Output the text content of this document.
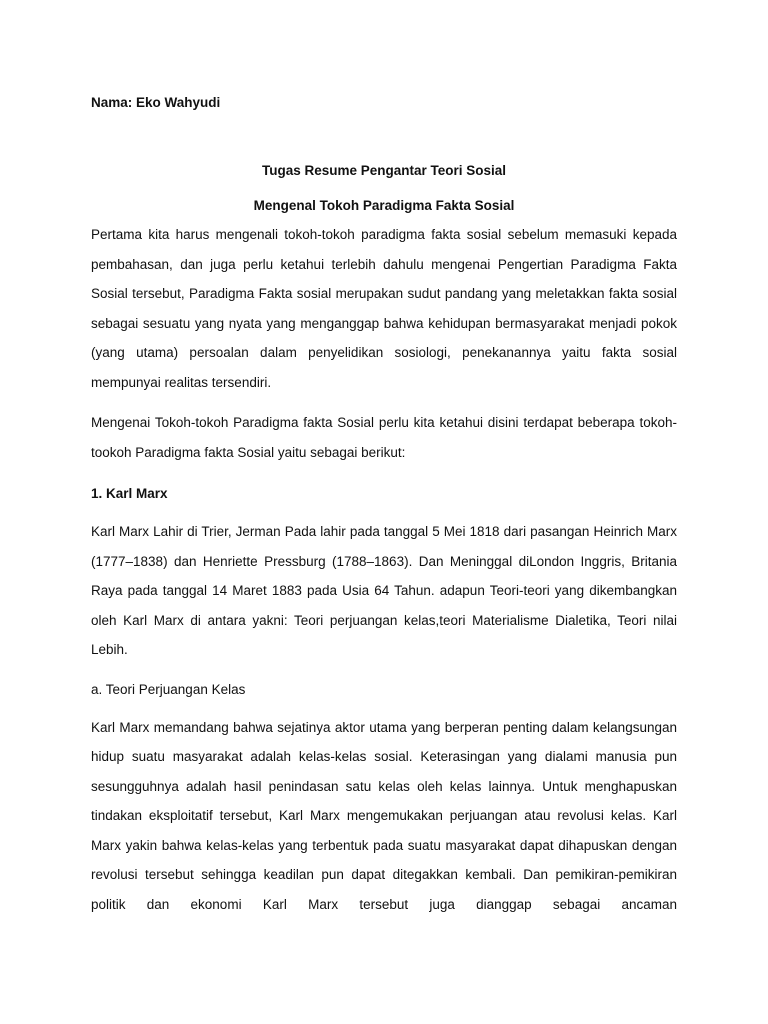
Nama: Eko Wahyudi

Tugas Resume Pengantar Teori Sosial

Mengenal Tokoh Paradigma Fakta Sosial

Pertama kita harus mengenali tokoh-tokoh paradigma fakta sosial sebelum memasuki kepada pembahasan, dan juga perlu ketahui terlebih dahulu mengenai Pengertian Paradigma Fakta Sosial tersebut, Paradigma Fakta sosial merupakan sudut pandang yang meletakkan fakta sosial sebagai sesuatu yang nyata yang menganggap bahwa kehidupan bermasyarakat menjadi pokok (yang utama) persoalan dalam penyelidikan sosiologi, penekanannya yaitu fakta sosial mempunyai realitas tersendiri.

Mengenai Tokoh-tokoh Paradigma fakta Sosial perlu kita ketahui disini terdapat beberapa tokoh-tookoh Paradigma fakta Sosial yaitu sebagai berikut:

1. Karl Marx

Karl Marx Lahir di Trier, Jerman Pada lahir pada tanggal 5 Mei 1818 dari pasangan Heinrich Marx (1777–1838) dan Henriette Pressburg (1788–1863). Dan Meninggal diLondon Inggris, Britania Raya pada tanggal 14 Maret 1883 pada Usia 64 Tahun. adapun Teori-teori yang dikembangkan oleh Karl Marx di antara yakni: Teori perjuangan kelas,teori Materialisme Dialetika, Teori nilai Lebih.

a. Teori Perjuangan Kelas

Karl Marx memandang bahwa sejatinya aktor utama yang berperan penting dalam kelangsungan hidup suatu masyarakat adalah kelas-kelas sosial. Keterasingan yang dialami manusia pun sesungguhnya adalah hasil penindasan satu kelas oleh kelas lainnya. Untuk menghapuskan tindakan eksploitatif tersebut, Karl Marx mengemukakan perjuangan atau revolusi kelas. Karl Marx yakin bahwa kelas-kelas yang terbentuk pada suatu masyarakat dapat dihapuskan dengan revolusi tersebut sehingga keadilan pun dapat ditegakkan kembali. Dan pemikiran-pemikiran politik dan ekonomi Karl Marx tersebut juga dianggap sebagai ancaman
